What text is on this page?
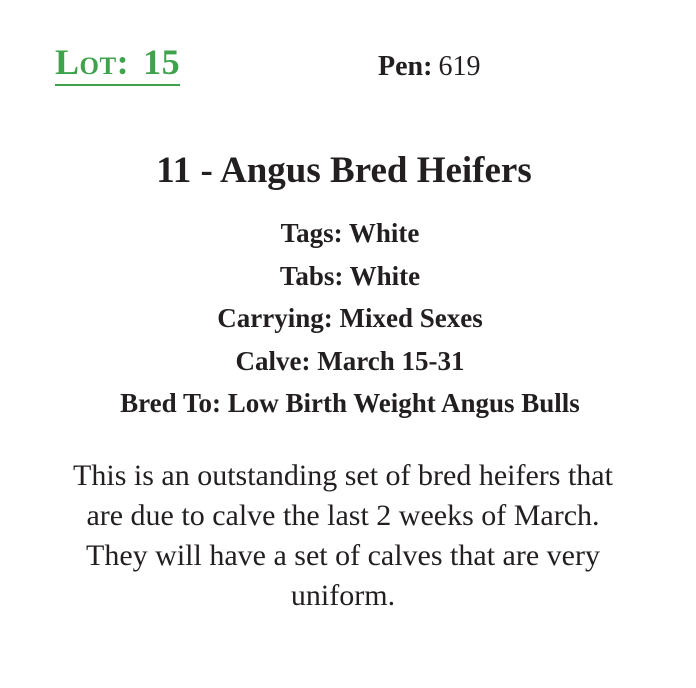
Lot: 15	Pen: 619
11 - Angus Bred Heifers
Tags: White
Tabs: White
Carrying: Mixed Sexes
Calve: March 15-31
Bred To: Low Birth Weight Angus Bulls
This is an outstanding set of bred heifers that are due to calve the last 2 weeks of March. They will have a set of calves that are very uniform.
